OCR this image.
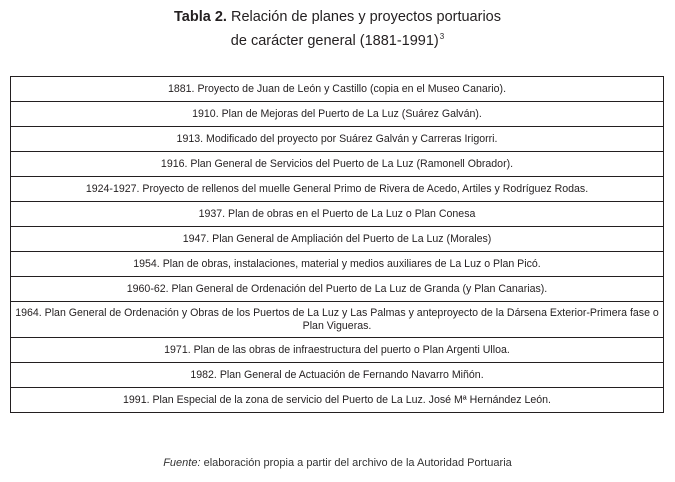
Tabla 2. Relación de planes y proyectos portuarios
de carácter general (1881-1991)$^3$
1881. Proyecto de Juan de León y Castillo (copia en el Museo Canario).
1910. Plan de Mejoras del Puerto de La Luz (Suárez Galván).
1913. Modificado del proyecto por Suárez Galván y Carreras Irigorri.
1916. Plan General de Servicios del Puerto de La Luz (Ramonell Obrador).
1924-1927. Proyecto de rellenos del muelle General Primo de Rivera de Acedo, Artiles y Rodríguez Rodas.
1937. Plan de obras en el Puerto de La Luz o Plan Conesa
1947. Plan General de Ampliación del Puerto de La Luz (Morales)
1954. Plan de obras, instalaciones, material y medios auxiliares de La Luz o Plan Picó.
1960-62. Plan General de Ordenación del Puerto de La Luz de Granda (y Plan Canarias).
1964. Plan General de Ordenación y Obras de los Puertos de La Luz y Las Palmas y anteproyecto de la Dársena Exterior-Primera fase o Plan Vigueras.
1971. Plan de las obras de infraestructura del puerto o Plan Argenti Ulloa.
1982. Plan General de Actuación de Fernando Navarro Miñón.
1991. Plan Especial de la zona de servicio del Puerto de La Luz. José Mª Hernández León.
Fuente: elaboración propia a partir del archivo de la Autoridad Portuaria
